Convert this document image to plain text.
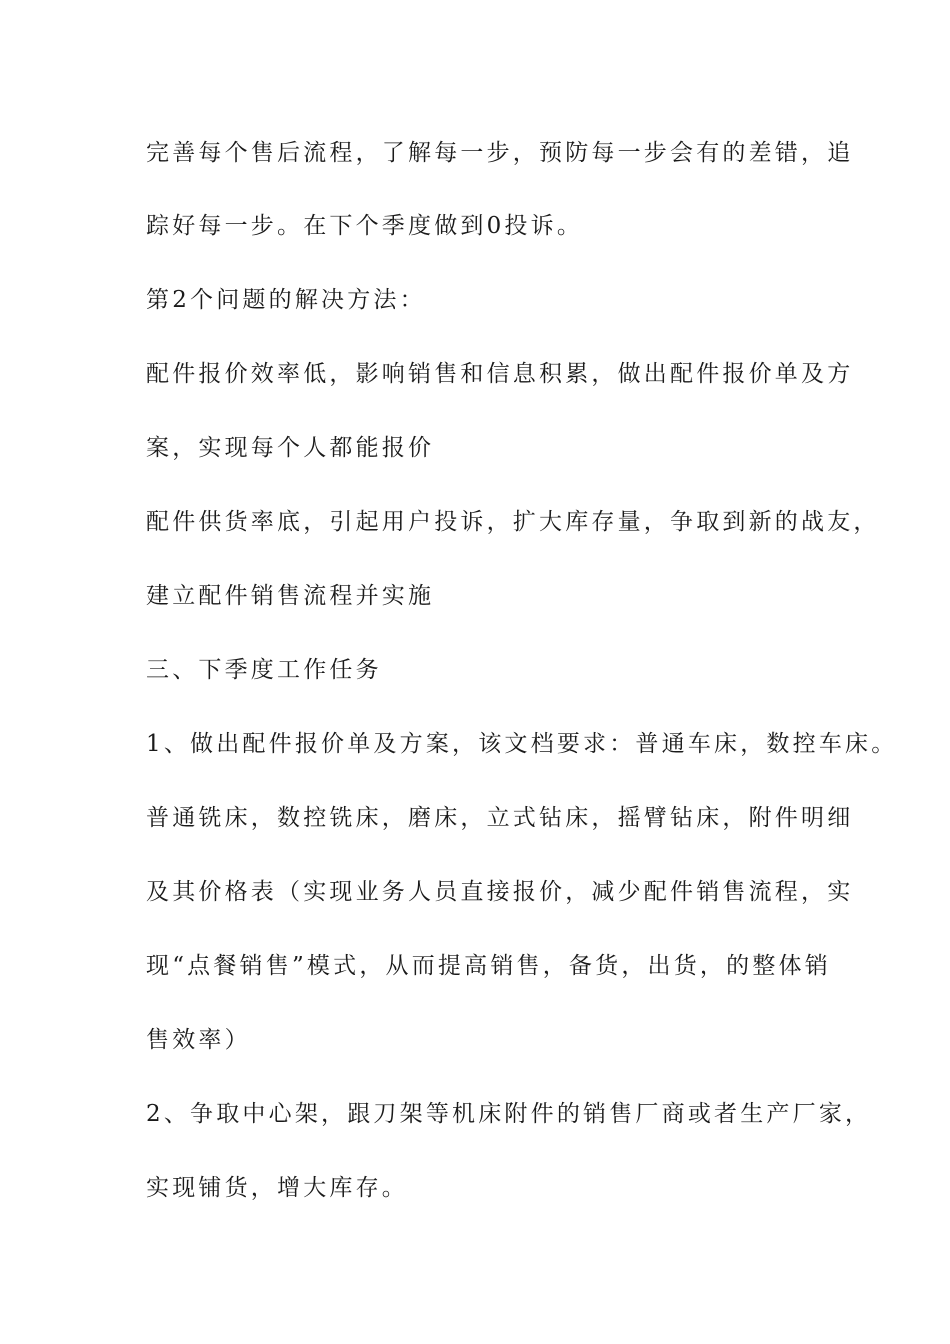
完善每个售后流程，了解每一步，预防每一步会有的差错，追
踪好每一步。在下个季度做到0投诉。
第2个问题的解决方法：
配件报价效率低，影响销售和信息积累，做出配件报价单及方
案，实现每个人都能报价
配件供货率底，引起用户投诉，扩大库存量，争取到新的战友，
建立配件销售流程并实施
三、下季度工作任务
1、做出配件报价单及方案，该文档要求：普通车床，数控车床。
普通铣床，数控铣床，磨床，立式钻床，摇臂钻床，附件明细
及其价格表（实现业务人员直接报价，减少配件销售流程，实
现“点餐销售”模式，从而提高销售，备货，出货，的整体销
售效率）
2、争取中心架，跟刀架等机床附件的销售厂商或者生产厂家，
实现铺货，增大库存。
